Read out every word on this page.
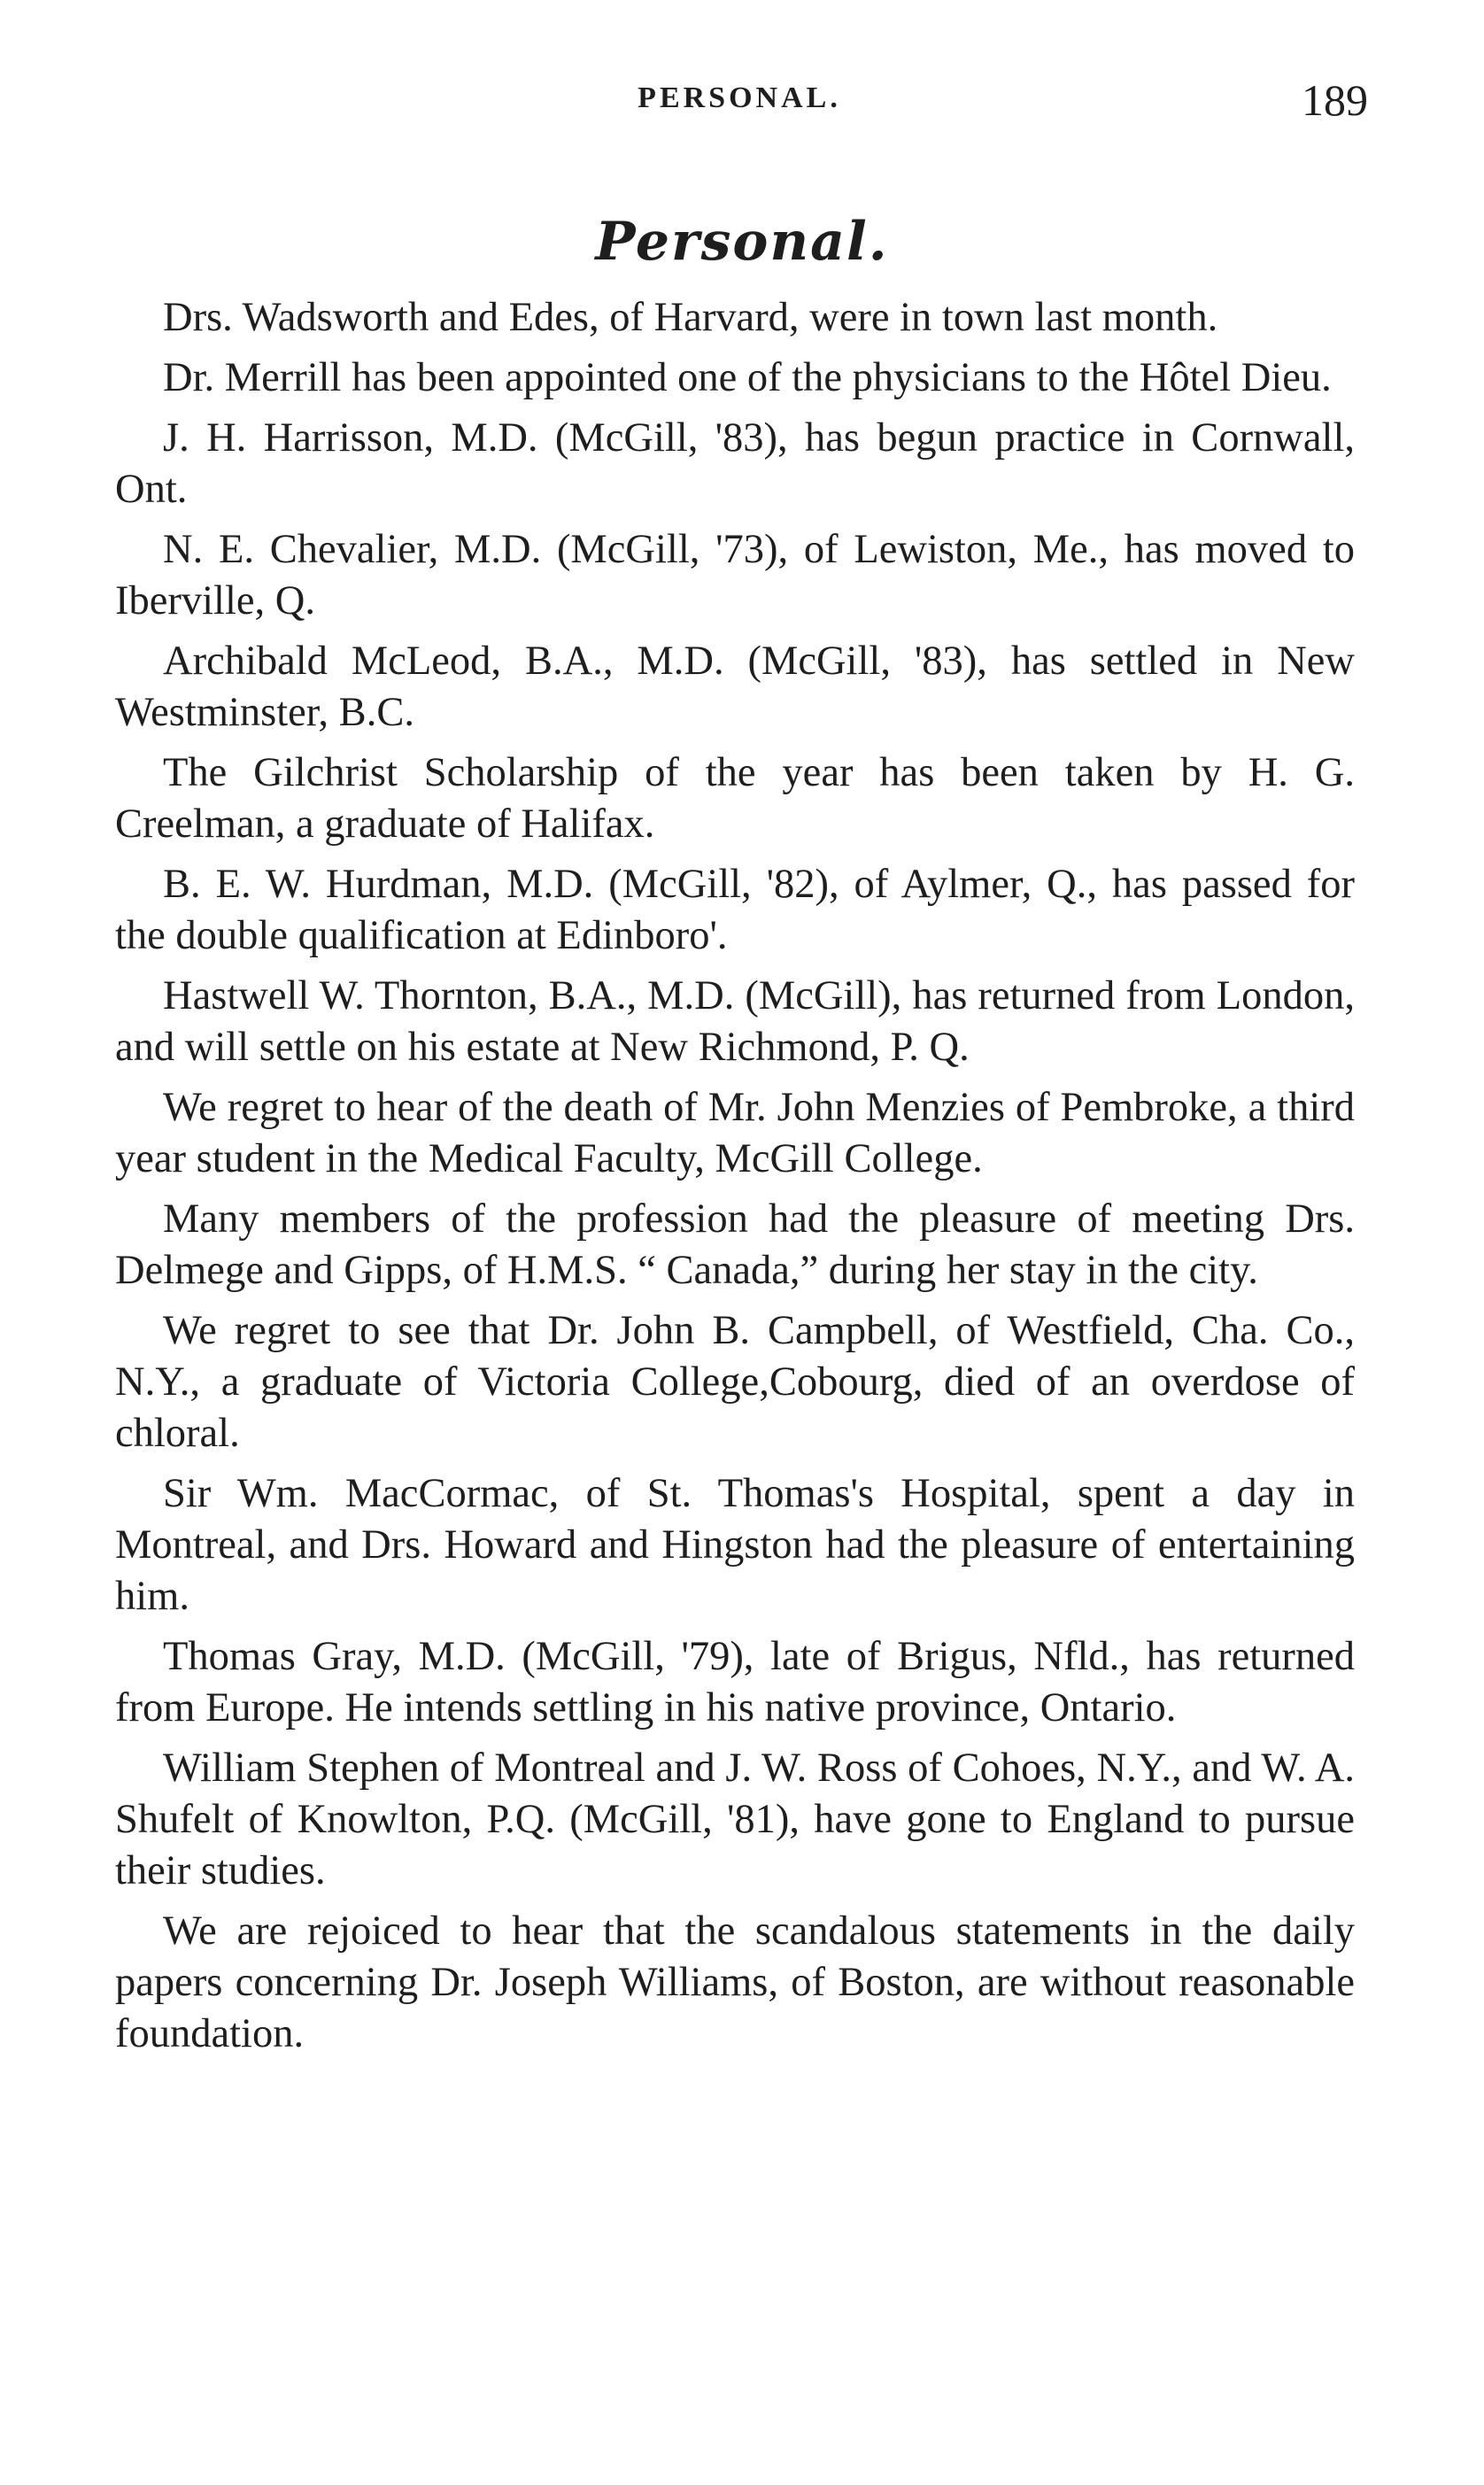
PERSONAL.	189
Personal.

Drs. Wadsworth and Edes, of Harvard, were in town last month.

Dr. Merrill has been appointed one of the physicians to the Hôtel Dieu.

J. H. Harrisson, M.D. (McGill, '83), has begun practice in Cornwall, Ont.

N. E. Chevalier, M.D. (McGill, '73), of Lewiston, Me., has moved to Iberville, Q.

Archibald McLeod, B.A., M.D. (McGill, '83), has settled in New Westminster, B.C.

The Gilchrist Scholarship of the year has been taken by H. G. Creelman, a graduate of Halifax.

B. E. W. Hurdman, M.D. (McGill, '82), of Aylmer, Q., has passed for the double qualification at Edinboro'.

Hastwell W. Thornton, B.A., M.D. (McGill), has returned from London, and will settle on his estate at New Richmond, P. Q.

We regret to hear of the death of Mr. John Menzies of Pembroke, a third year student in the Medical Faculty, McGill College.

Many members of the profession had the pleasure of meeting Drs. Delmege and Gipps, of H.M.S. “ Canada,” during her stay in the city.

We regret to see that Dr. John B. Campbell, of Westfield, Cha. Co., N.Y., a graduate of Victoria College,Cobourg, died of an overdose of chloral.

Sir Wm. MacCormac, of St. Thomas's Hospital, spent a day in Montreal, and Drs. Howard and Hingston had the pleasure of entertaining him.

Thomas Gray, M.D. (McGill, '79), late of Brigus, Nfld., has returned from Europe. He intends settling in his native province, Ontario.

William Stephen of Montreal and J. W. Ross of Cohoes, N.Y., and W. A. Shufelt of Knowlton, P.Q. (McGill, '81), have gone to England to pursue their studies.

We are rejoiced to hear that the scandalous statements in the daily papers concerning Dr. Joseph Williams, of Boston, are without reasonable foundation.
